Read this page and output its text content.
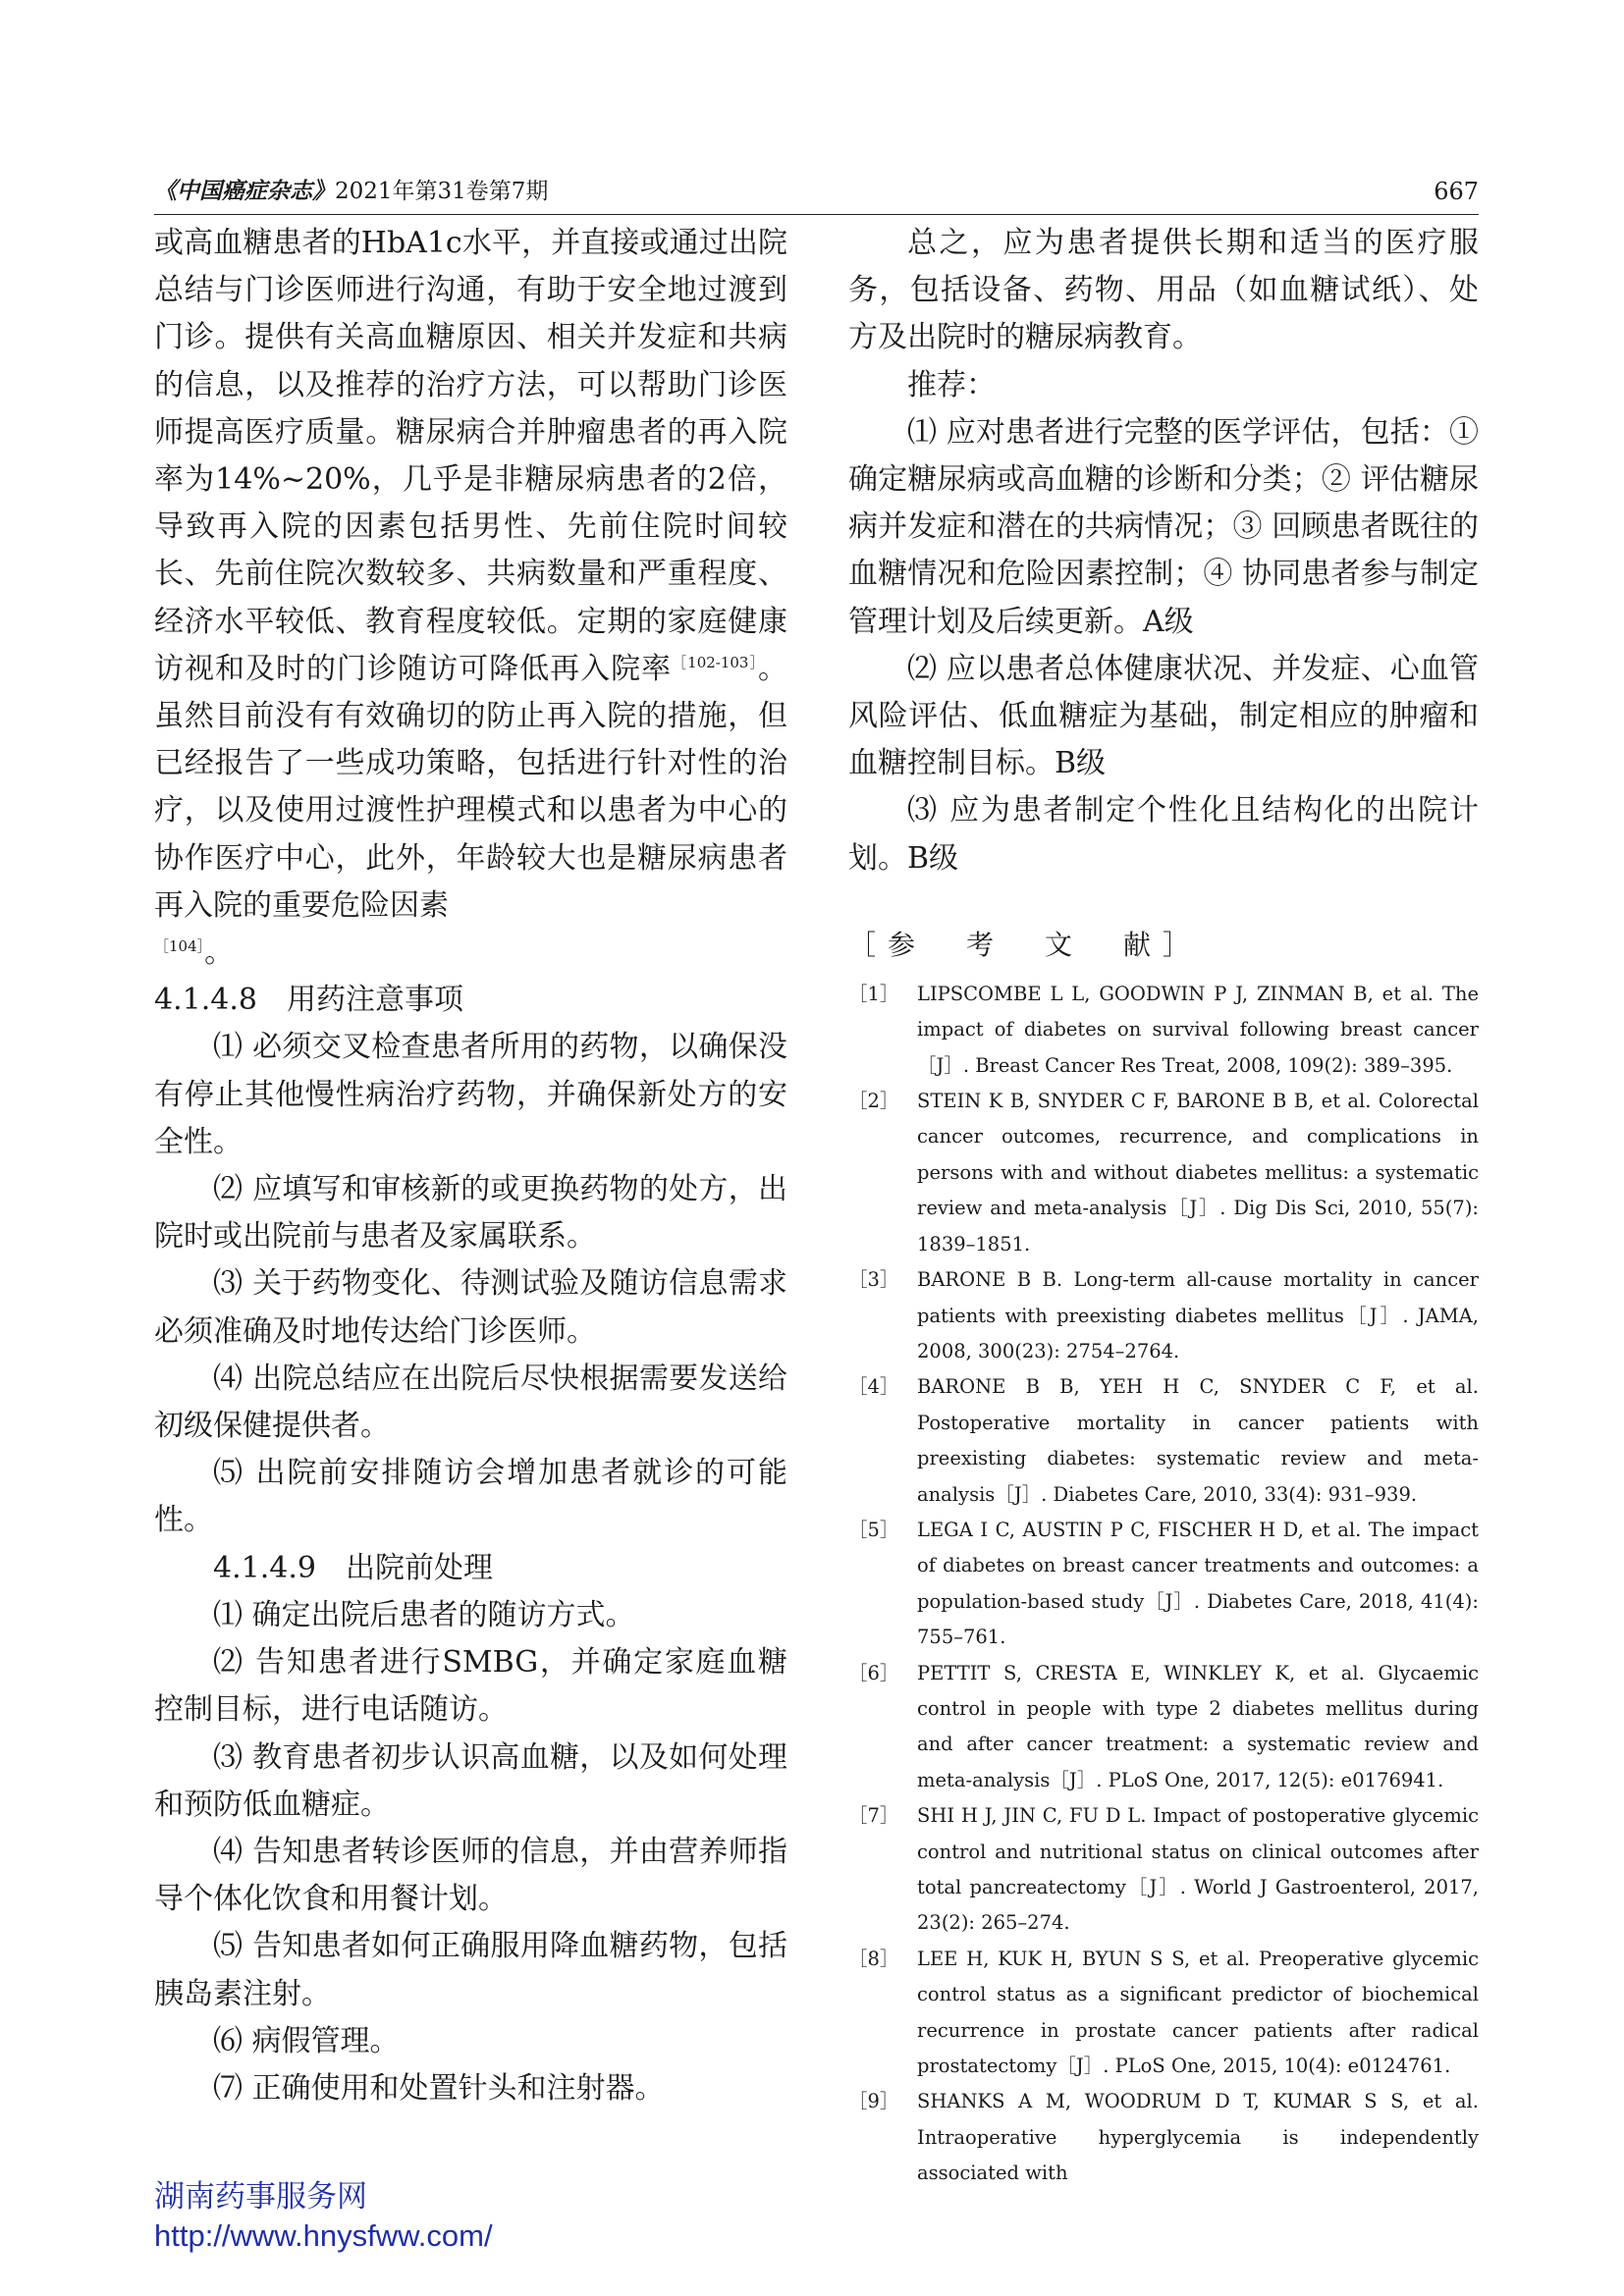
《中国癌症杂志》2021年第31卷第7期	667

或高血糖患者的HbA1c水平，并直接或通过出院总结与门诊医师进行沟通，有助于安全地过渡到门诊。提供有关高血糖原因、相关并发症和共病的信息，以及推荐的治疗方法，可以帮助门诊医师提高医疗质量。糖尿病合并肿瘤患者的再入院率为14%~20%，几乎是非糖尿病患者的2倍，导致再入院的因素包括男性、先前住院时间较长、先前住院次数较多、共病数量和严重程度、经济水平较低、教育程度较低。定期的家庭健康访视和及时的门诊随访可降低再入院率$^{[102-103]}$。虽然目前没有有效确切的防止再入院的措施，但已经报告了一些成功策略，包括进行针对性的治疗，以及使用过渡性护理模式和以患者为中心的协作医疗中心，此外，年龄较大也是糖尿病患者再入院的重要危险因素

$^{[104]}$。

4.1.4.8　用药注意事项

⑴ 必须交叉检查患者所用的药物，以确保没有停止其他慢性病治疗药物，并确保新处方的安全性。

⑵ 应填写和审核新的或更换药物的处方，出院时或出院前与患者及家属联系。

⑶ 关于药物变化、待测试验及随访信息需求必须准确及时地传达给门诊医师。

⑷ 出院总结应在出院后尽快根据需要发送给初级保健提供者。

⑸ 出院前安排随访会增加患者就诊的可能性。

4.1.4.9　出院前处理

⑴ 确定出院后患者的随访方式。

⑵ 告知患者进行SMBG，并确定家庭血糖控制目标，进行电话随访。

⑶ 教育患者初步认识高血糖，以及如何处理和预防低血糖症。

⑷ 告知患者转诊医师的信息，并由营养师指导个体化饮食和用餐计划。

⑸ 告知患者如何正确服用降血糖药物，包括胰岛素注射。

⑹ 病假管理。

⑺ 正确使用和处置针头和注射器。

总之，应为患者提供长期和适当的医疗服务，包括设备、药物、用品（如血糖试纸）、处方及出院时的糖尿病教育。

推荐：

⑴ 应对患者进行完整的医学评估，包括：① 确定糖尿病或高血糖的诊断和分类；② 评估糖尿病并发症和潜在的共病情况；③ 回顾患者既往的血糖情况和危险因素控制；④ 协同患者参与制定管理计划及后续更新。A级

⑵ 应以患者总体健康状况、并发症、心血管风险评估、低血糖症为基础，制定相应的肿瘤和血糖控制目标。B级

⑶ 应为患者制定个性化且结构化的出院计划。B级

［参　考　文　献］
［1］ LIPSCOMBE L L, GOODWIN P J, ZINMAN B, et al. The impact of diabetes on survival following breast cancer［J］. Breast Cancer Res Treat, 2008, 109(2): 389–395.
［2］ STEIN K B, SNYDER C F, BARONE B B, et al. Colorectal cancer outcomes, recurrence, and complications in persons with and without diabetes mellitus: a systematic review and meta-analysis［J］. Dig Dis Sci, 2010, 55(7): 1839–1851.
［3］ BARONE B B. Long-term all-cause mortality in cancer patients with preexisting diabetes mellitus［J］. JAMA, 2008, 300(23): 2754–2764.
［4］ BARONE B B, YEH H C, SNYDER C F, et al. Postoperative mortality in cancer patients with preexisting diabetes: systematic review and meta-analysis［J］. Diabetes Care, 2010, 33(4): 931–939.
［5］ LEGA I C, AUSTIN P C, FISCHER H D, et al. The impact of diabetes on breast cancer treatments and outcomes: a population-based study［J］. Diabetes Care, 2018, 41(4): 755–761.
［6］ PETTIT S, CRESTA E, WINKLEY K, et al. Glycaemic control in people with type 2 diabetes mellitus during and after cancer treatment: a systematic review and meta-analysis［J］. PLoS One, 2017, 12(5): e0176941.
［7］ SHI H J, JIN C, FU D L. Impact of postoperative glycemic control and nutritional status on clinical outcomes after total pancreatectomy［J］. World J Gastroenterol, 2017, 23(2): 265–274.
［8］ LEE H, KUK H, BYUN S S, et al. Preoperative glycemic control status as a significant predictor of biochemical recurrence in prostate cancer patients after radical prostatectomy［J］. PLoS One, 2015, 10(4): e0124761.
［9］ SHANKS A M, WOODRUM D T, KUMAR S S, et al. Intraoperative hyperglycemia is independently associated with
湖南药事服务网
http://www.hnysfww.com/
